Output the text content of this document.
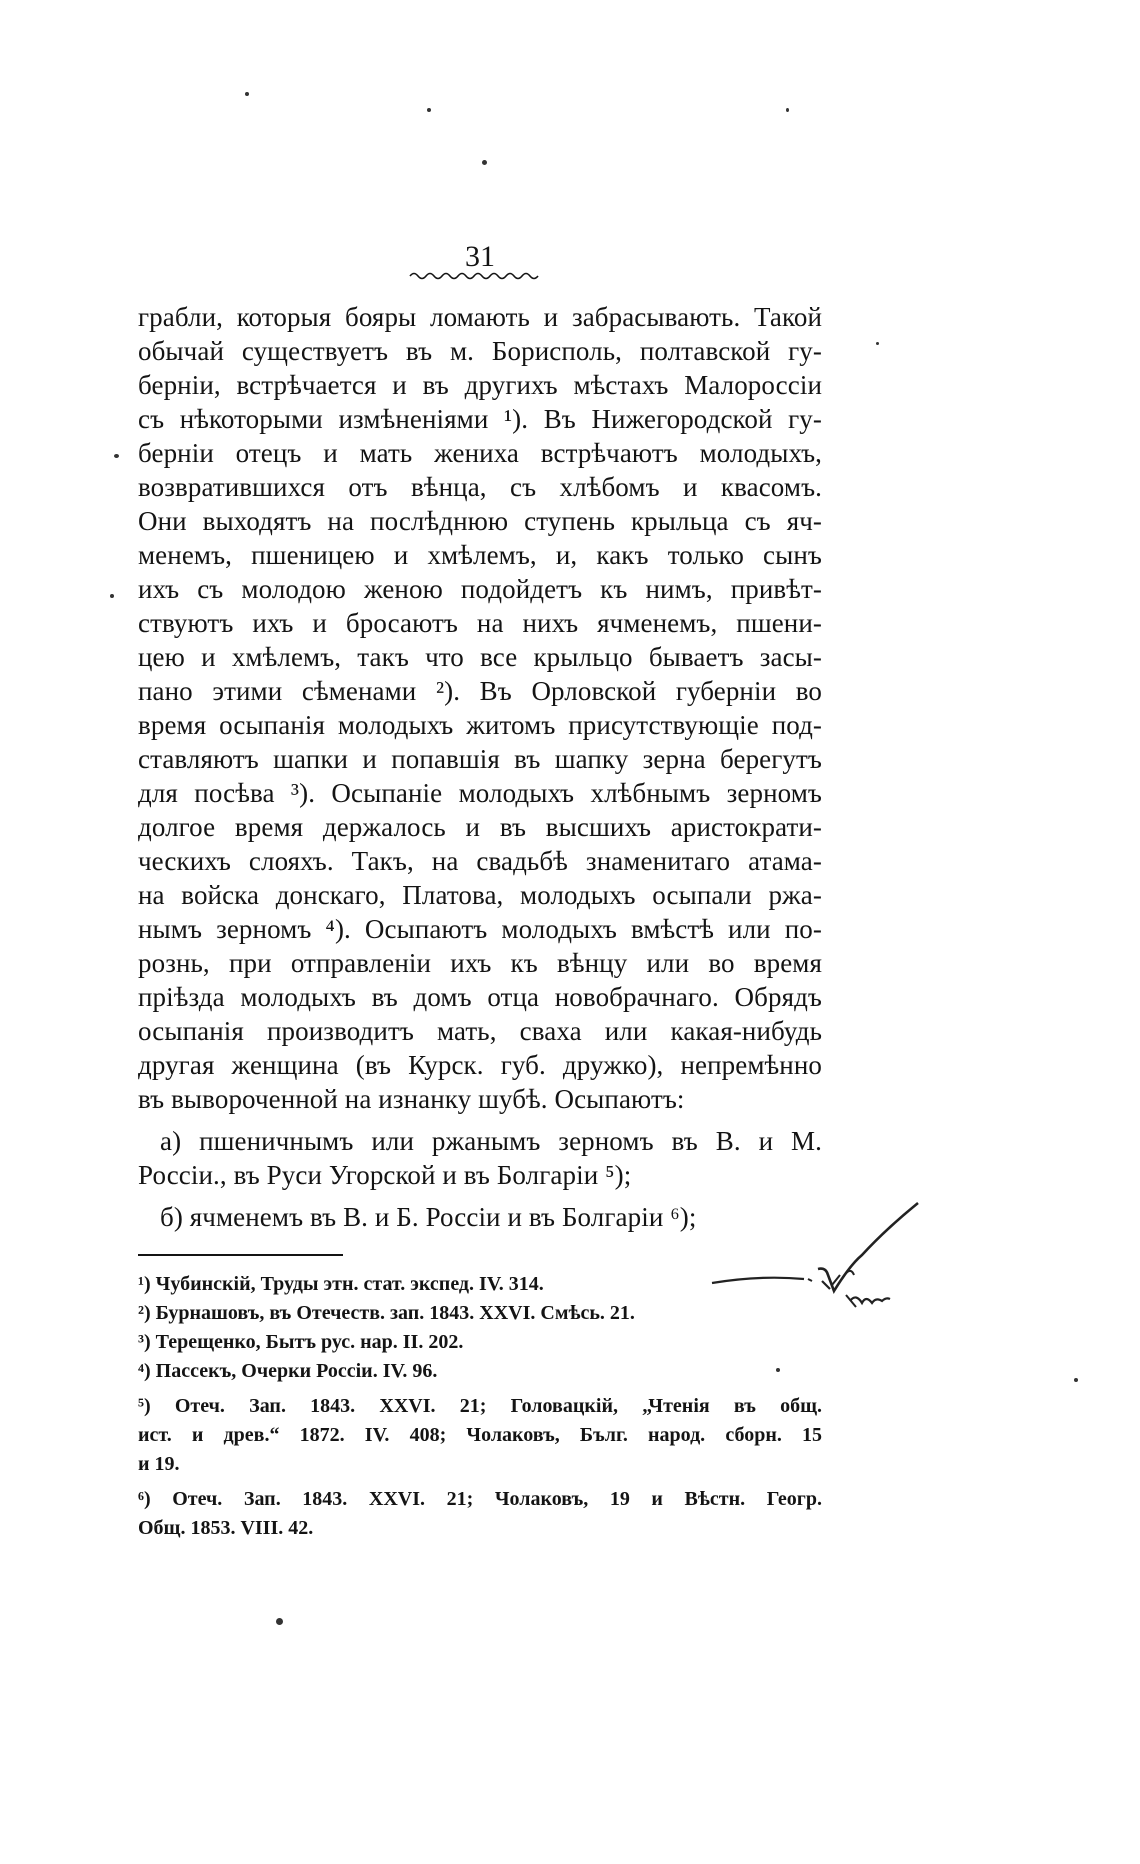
31
грабли, которыя бояры ломають и забрасывають. Такой
обычай существуетъ въ м. Борисполь, полтавской гу-
берніи, встрѣчается и въ другихъ мѣстахъ Малороссіи
съ нѣкоторыми измѣненіями ¹). Въ Нижегородской гу-
берніи отецъ и мать жениха встрѣчаютъ молодыхъ,
возвратившихся отъ вѣнца, съ хлѣбомъ и квасомъ.
Они выходятъ на послѣднюю ступень крыльца съ яч-
менемъ, пшеницею и хмѣлемъ, и, какъ только сынъ
ихъ съ молодою женою подойдетъ къ нимъ, привѣт-
ствуютъ ихъ и бросаютъ на нихъ ячменемъ, пшени-
цею и хмѣлемъ, такъ что все крыльцо бываетъ засы-
пано этими сѣменами ²). Въ Орловской губерніи во
время осыпанія молодыхъ житомъ присутствующіе под-
ставляютъ шапки и попавшія въ шапку зерна берегутъ
для посѣва ³). Осыпаніе молодыхъ хлѣбнымъ зерномъ
долгое время держалось и въ высшихъ аристократи-
ческихъ слояхъ. Такъ, на свадьбѣ знаменитаго атама-
на войска донскаго, Платова, молодыхъ осыпали ржа-
нымъ зерномъ ⁴). Осыпаютъ молодыхъ вмѣстѣ или по-
рознь, при отправленіи ихъ къ вѣнцу или во время
пріѣзда молодыхъ въ домъ отца новобрачнаго. Обрядъ
осыпанія производитъ мать, сваха или какая-нибудь
другая женщина (въ Курск. губ. дружко), непремѣнно
въ вывороченной на изнанку шубѣ. Осыпаютъ:
а) пшеничнымъ или ржанымъ зерномъ въ В. и М.
Россіи., въ Руси Угорской и въ Болгаріи ⁵);
б) ячменемъ въ В. и Б. Россіи и въ Болгаріи ⁶);
¹) Чубинскій, Труды этн. стат. экспед. IV. 314.
²) Бурнашовъ, въ Отечеств. зап. 1843. XXVI. Смѣсь. 21.
³) Терещенко, Бытъ рус. нар. II. 202.
⁴) Пассекъ, Очерки Россіи. IV. 96.
⁵) Отеч. Зап. 1843. XXVI. 21; Головацкій, „Чтенія въ общ.
ист. и древ.“ 1872. IV. 408; Чолаковъ, Бълг. народ. сборн. 15
и 19.
⁶) Отеч. Зап. 1843. XXVI. 21; Чолаковъ, 19 и Вѣстн. Геогр.
Общ. 1853. VIII. 42.
